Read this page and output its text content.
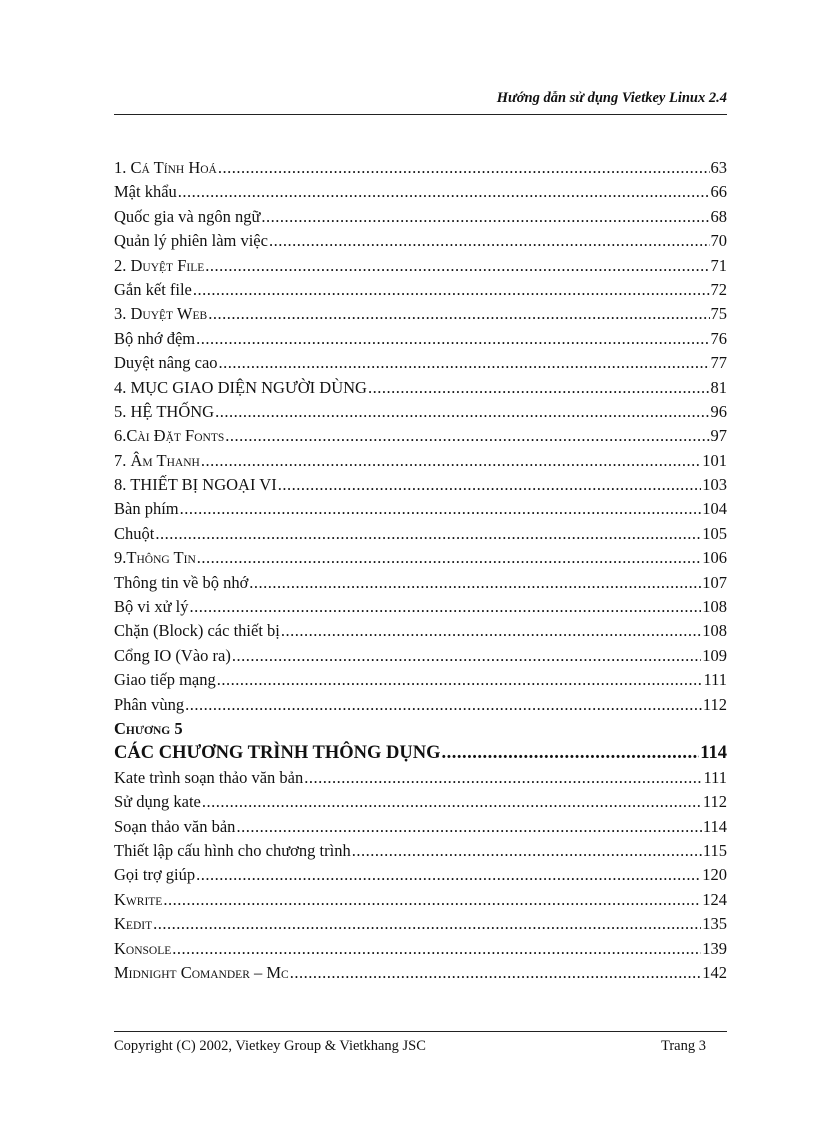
Hướng dẫn sử dụng Vietkey Linux 2.4
1. CÁ TÍNH HOÁ .....	63
Mật khẩu .....	66
Quốc gia và ngôn ngữ .....	68
Quản lý phiên làm việc .....	70
2. DUYỆT FILE .....	71
Gắn kết file .....	72
3. DUYỆT WEB .....	75
Bộ nhớ đệm .....	76
Duyệt nâng cao .....	77
4. MỤC GIAO DIỆN NGƯỜI DÙNG .....	81
5. HỆ THỐNG .....	96
6.CÀI ĐẶT FONTS .....	97
7. ÂM THANH .....	101
8. THIẾT BỊ NGOẠI VI .....	103
Bàn phím .....	104
Chuột .....	105
9.THÔNG TIN .....	106
Thông tin về bộ nhớ .....	107
Bộ vi xử lý .....	108
Chặn (Block) các thiết bị .....	108
Cổng IO (Vào ra) .....	109
Giao tiếp mạng .....	111
Phân vùng .....	112
CHƯƠNG 5
CÁC CHƯƠNG TRÌNH THÔNG DỤNG .....	114
Kate trình soạn thảo văn bản .....	111
Sử dụng kate .....	112
Soạn thảo văn bản .....	114
Thiết lập cấu hình cho chương trình .....	115
Gọi trợ giúp .....	120
KWRITE .....	124
KEDIT .....	135
KONSOLE .....	139
MIDNIGHT COMANDER – MC .....	142
Copyright (C) 2002, Vietkey Group & Vietkhang JSC	Trang 3
